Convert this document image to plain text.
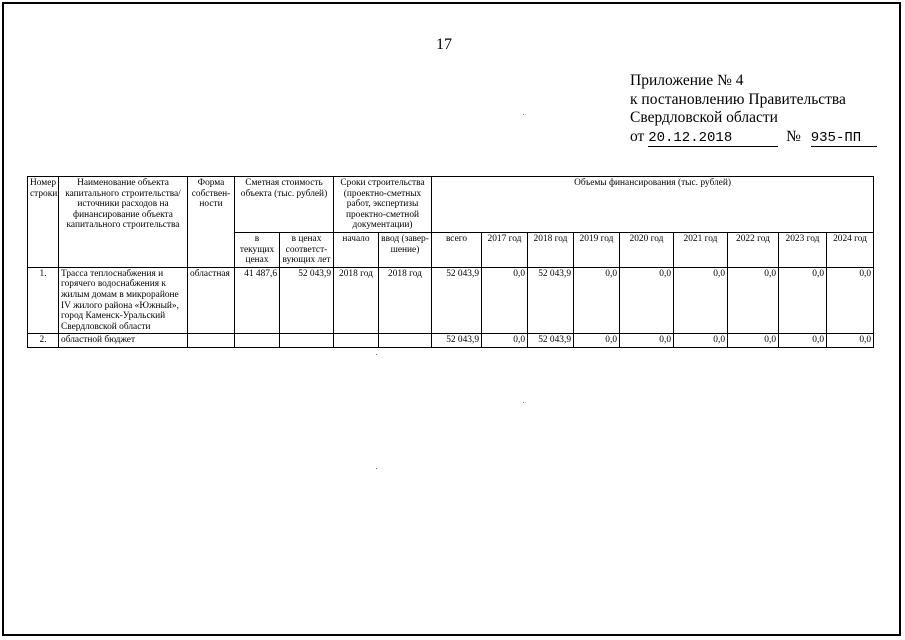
17
Приложение № 4
к постановлению Правительства
Свердловской области
от 20.12.2018	№ 935-ПП
Номер строки	Наименование объекта капитального строительства/ источники расходов на финансирование объекта капитального строительства	Форма собствен-ности	Сметная стоимость объекта (тыс. рублей)		Сроки строительства (проектно-сметных работ, экспертизы проектно-сметной документации)		Объемы финансирования (тыс. рублей)								
			в текущих ценах	в ценах соответст-вующих лет	начало	ввод (завер-шение)	всего	2017 год	2018 год	2019 год	2020 год	2021 год	2022 год	2023 год	2024 год
1.	Трасса теплоснабжения и горячего водоснабжения к жилым домам в микрорайоне IV жилого района «Южный», город Каменск-Уральский Свердловской области	областная	41 487,6	52 043,9	2018 год	2018 год	52 043,9	0,0	52 043,9	0,0	0,0	0,0	0,0	0,0	0,0
2.	областной бюджет						52 043,9	0,0	52 043,9	0,0	0,0	0,0	0,0	0,0	0,0
